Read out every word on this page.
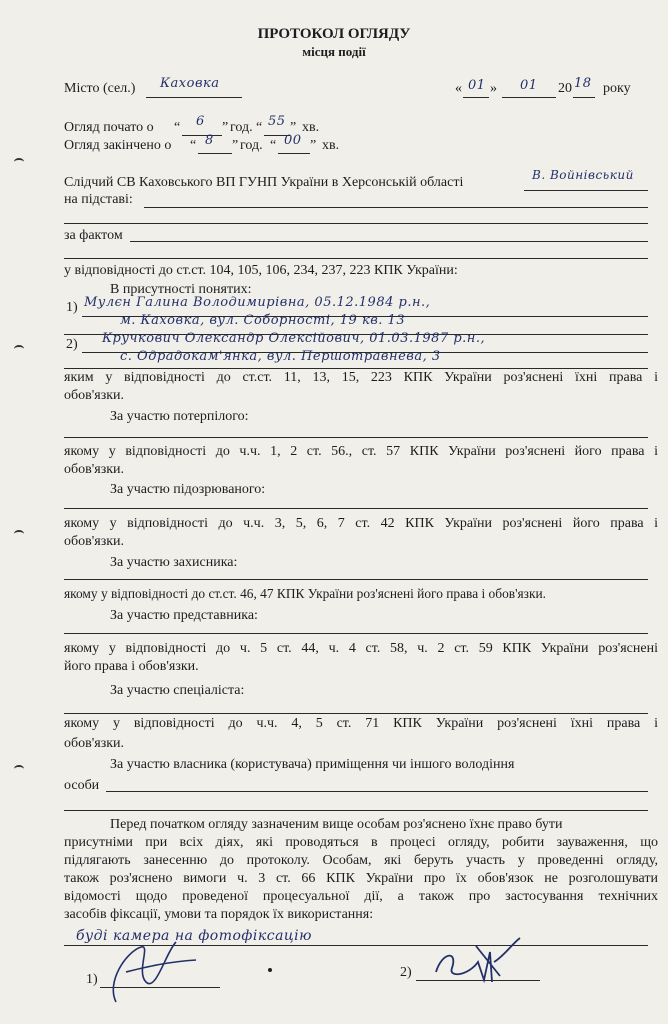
ПРОТОКОЛ ОГЛЯДУ
місця події
Місто (сел.) Каховка	« 01 » 01 20 18 року
Огляд почато о “ 6 ” год. “ 55 ” хв.
Огляд закінчено о “ 8 ” год. “ 00 ” хв.
Слідчий СВ Каховського ВП ГУНП України в Херсонській області	В. Войнівський
на підставі:
за фактом
у відповідності до ст.ст. 104, 105, 106, 234, 237, 223 КПК України:
В присутності понятих:
1) Мулєн Галина Володимирівна, 05.12.1984 р.н.,
м. Каховка, вул. Соборності, 19 кв. 13
2) Кручкович Олександр Олексійович, 01.03.1987 р.н.,
с. Одрадокам'янка, вул. Першотравнева, 3
яким у відповідності до ст.ст. 11, 13, 15, 223 КПК України роз'яснені їхні права і
обов'язки.
За участю потерпілого:
якому у відповідності до ч.ч. 1, 2 ст. 56., ст. 57 КПК України роз'яснені його права і
обов'язки.
За участю підозрюваного:
якому у відповідності до ч.ч. 3, 5, 6, 7 ст. 42 КПК України роз'яснені його права і
обов'язки.
За участю захисника:
якому у відповідності до ст.ст. 46, 47 КПК України роз'яснені його права і обов'язки.
За участю представника:
якому у відповідності до ч. 5 ст. 44, ч. 4 ст. 58, ч. 2 ст. 59 КПК України роз'яснені
його права і обов'язки.
За участю спеціаліста:
якому у відповідності до ч.ч. 4, 5 ст. 71 КПК України роз'яснені їхні права і
обов'язки.
За участю власника (користувача) приміщення чи іншого володіння
особи
Перед початком огляду зазначеним вище особам роз'яснено їхнє право бути
присутніми при всіх діях, які проводяться в процесі огляду, робити зауваження, що
підлягають занесенню до протоколу. Особам, які беруть участь у проведенні огляду,
також роз'яснено вимоги ч. 3 ст. 66 КПК України про їх обов'язок не розголошувати
відомості щодо проведеної процесуальної дії, а також про застосування технічних
засобів фіксації, умови та порядок їх використання:
буді камера на фотофіксацію
1)	2)
